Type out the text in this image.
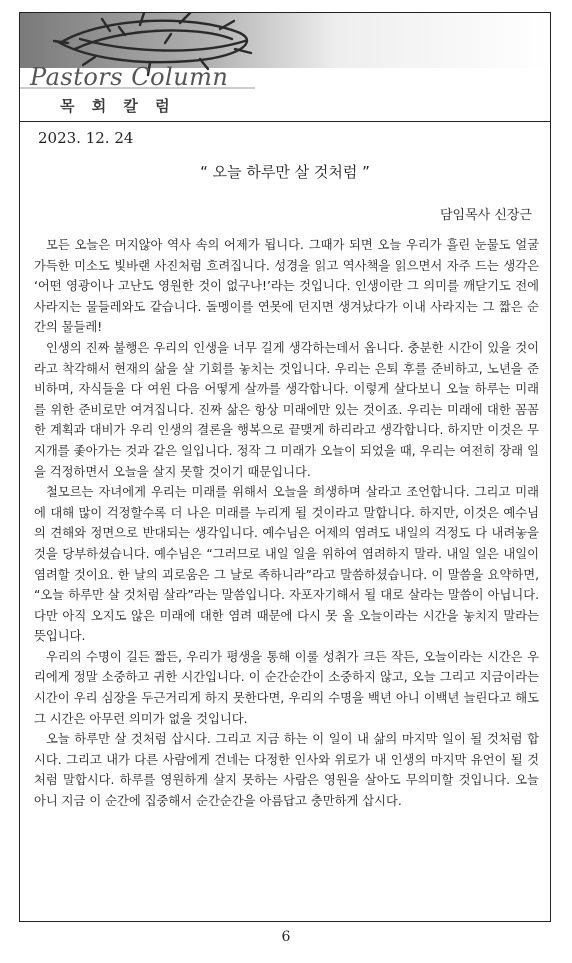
Pastors Column
목 회 칼 럼
2023. 12. 24
“ 오늘 하루만 살 것처럼 ”
담임목사 신장근

모든 오늘은 머지않아 역사 속의 어제가 됩니다. 그때가 되면 오늘 우리가 흘린 눈물도 얼굴 가득한 미소도 빛바랜 사진처럼 흐려집니다. 성경을 읽고 역사책을 읽으면서 자주 드는 생각은 ‘어떤 영광이나 고난도 영원한 것이 없구나!’라는 것입니다. 인생이란 그 의미를 깨닫기도 전에 사라지는 물들레와도 같습니다. 돌멩이를 연못에 던지면 생겨났다가 이내 사라지는 그 짧은 순간의 물들레!

인생의 진짜 불행은 우리의 인생을 너무 길게 생각하는데서 옵니다. 충분한 시간이 있을 것이라고 착각해서 현재의 삶을 살 기회를 놓치는 것입니다. 우리는 은퇴 후를 준비하고, 노년을 준비하며, 자식들을 다 여윈 다음 어떻게 살까를 생각합니다. 이렇게 살다보니 오늘 하루는 미래를 위한 준비로만 여겨집니다. 진짜 삶은 항상 미래에만 있는 것이죠. 우리는 미래에 대한 꼼꼼한 계획과 대비가 우리 인생의 결론을 행복으로 끝맺게 하리라고 생각합니다. 하지만 이것은 무지개를 좇아가는 것과 같은 일입니다. 정작 그 미래가 오늘이 되었을 때, 우리는 여전히 장래 일을 걱정하면서 오늘을 살지 못할 것이기 때문입니다.

철모르는 자녀에게 우리는 미래를 위해서 오늘을 희생하며 살라고 조언합니다. 그리고 미래에 대해 많이 걱정할수록 더 나은 미래를 누리게 될 것이라고 말합니다. 하지만, 이것은 예수님의 견해와 정면으로 반대되는 생각입니다. 예수님은 어제의 염려도 내일의 걱정도 다 내려놓을 것을 당부하셨습니다. 예수님은 “그러므로 내일 일을 위하여 염려하지 말라. 내일 일은 내일이 염려할 것이요. 한 날의 괴로움은 그 날로 족하니라”라고 말씀하셨습니다. 이 말씀을 요약하면, “오늘 하루만 살 것처럼 살라”라는 말씀입니다. 자포자기해서 될 대로 살라는 말씀이 아닙니다. 다만 아직 오지도 않은 미래에 대한 염려 때문에 다시 못 올 오늘이라는 시간을 놓치지 말라는 뜻입니다.

우리의 수명이 길든 짧든, 우리가 평생을 통해 이룰 성취가 크든 작든, 오늘이라는 시간은 우리에게 정말 소중하고 귀한 시간입니다. 이 순간순간이 소중하지 않고, 오늘 그리고 지금이라는 시간이 우리 심장을 두근거리게 하지 못한다면, 우리의 수명을 백년 아니 이백년 늘린다고 해도 그 시간은 아무런 의미가 없을 것입니다.

오늘 하루만 살 것처럼 삽시다. 그리고 지금 하는 이 일이 내 삶의 마지막 일이 될 것처럼 합시다. 그리고 내가 다른 사람에게 건네는 다정한 인사와 위로가 내 인생의 마지막 유언이 될 것처럼 말합시다. 하루를 영원하게 살지 못하는 사람은 영원을 살아도 무의미할 것입니다. 오늘 아니 지금 이 순간에 집중해서 순간순간을 아름답고 충만하게 삽시다.

6
